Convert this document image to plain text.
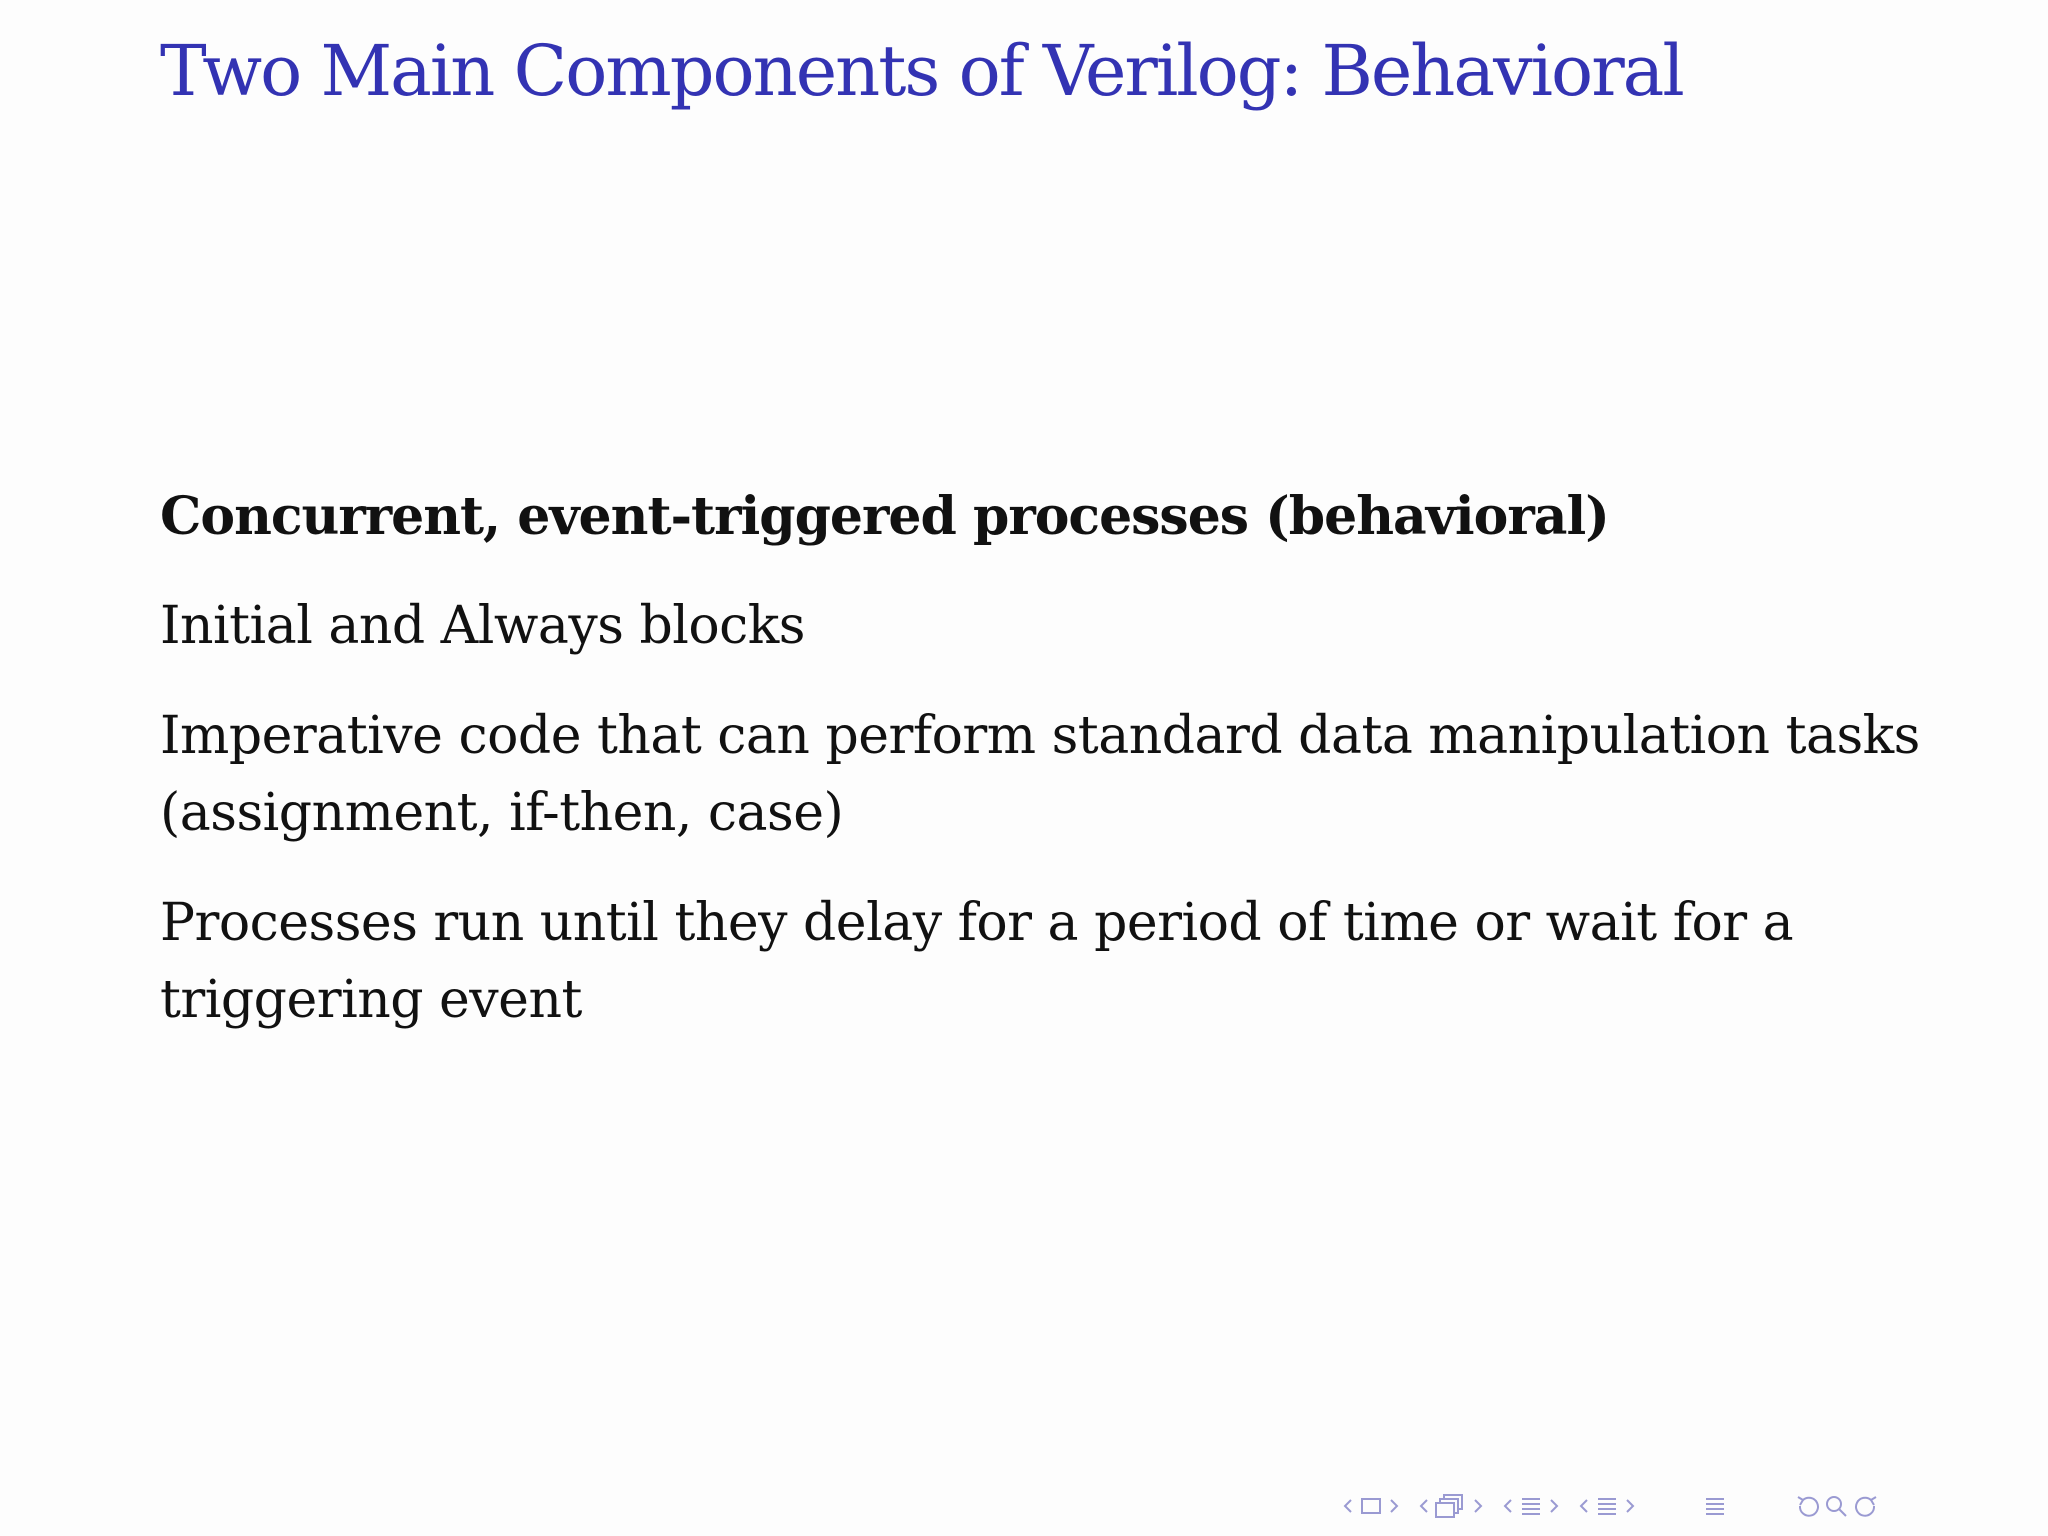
Two Main Components of Verilog: Behavioral

Concurrent, event-triggered processes (behavioral)

Initial and Always blocks

Imperative code that can perform standard data manipulation tasks (assignment, if-then, case)

Processes run until they delay for a period of time or wait for a triggering event
